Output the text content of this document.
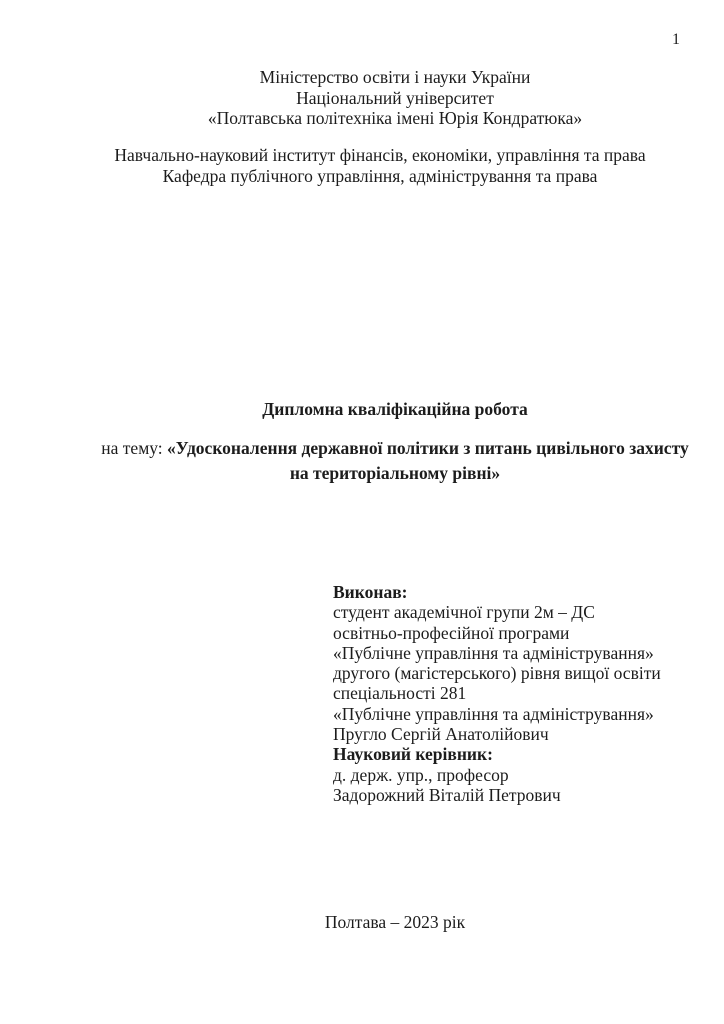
1
Міністерство освіти і науки України
Національний університет
«Полтавська політехніка імені Юрія Кондратюка»
Навчально-науковий інститут фінансів, економіки, управління та права
Кафедра публічного управління, адміністрування та права
Дипломна кваліфікаційна робота
на тему: «Удосконалення державної політики з питань цивільного захисту на територіальному рівні»
Виконав:
студент академічної групи 2м – ДС
освітньо-професійної програми
«Публічне управління та адміністрування»
другого (магістерського) рівня вищої освіти
спеціальності 281
«Публічне управління та адміністрування»
Пругло Сергій Анатолійович
Науковий керівник:
д. держ. упр., професор
Задорожний Віталій Петрович
Полтава – 2023 рік
